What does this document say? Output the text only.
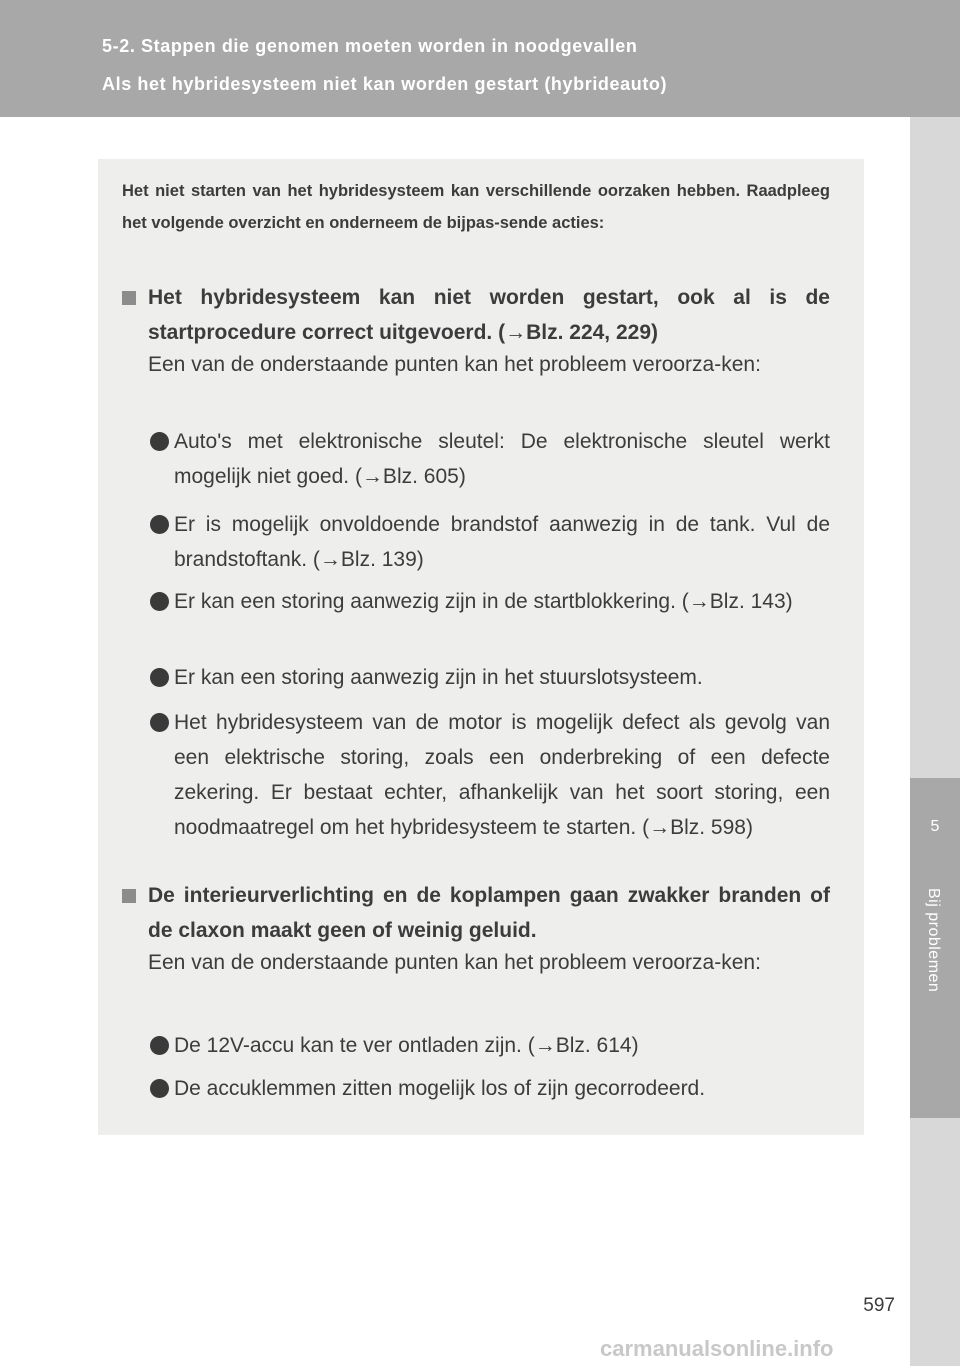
5-2. Stappen die genomen moeten worden in noodgevallen
Als het hybridesysteem niet kan worden gestart (hybrideauto)
5
Bij problemen
Het niet starten van het hybridesysteem kan verschillende oorzaken hebben. Raadpleeg het volgende overzicht en onderneem de bijpas-sende acties:
Het hybridesysteem kan niet worden gestart, ook al is de startprocedure correct uitgevoerd. (→Blz. 224, 229)
Een van de onderstaande punten kan het probleem veroorza-ken:
Auto's met elektronische sleutel: De elektronische sleutel werkt mogelijk niet goed. (→Blz. 605)
Er is mogelijk onvoldoende brandstof aanwezig in de tank. Vul de brandstoftank. (→Blz. 139)
Er kan een storing aanwezig zijn in de startblokkering. (→Blz. 143)
Er kan een storing aanwezig zijn in het stuurslotsysteem.
Het hybridesysteem van de motor is mogelijk defect als gevolg van een elektrische storing, zoals een onderbreking of een defecte zekering. Er bestaat echter, afhankelijk van het soort storing, een noodmaatregel om het hybridesysteem te starten. (→Blz. 598)
De interieurverlichting en de koplampen gaan zwakker branden of de claxon maakt geen of weinig geluid.
Een van de onderstaande punten kan het probleem veroorza-ken:
De 12V-accu kan te ver ontladen zijn. (→Blz. 614)
De accuklemmen zitten mogelijk los of zijn gecorrodeerd.
597
carmanualsonline.info
